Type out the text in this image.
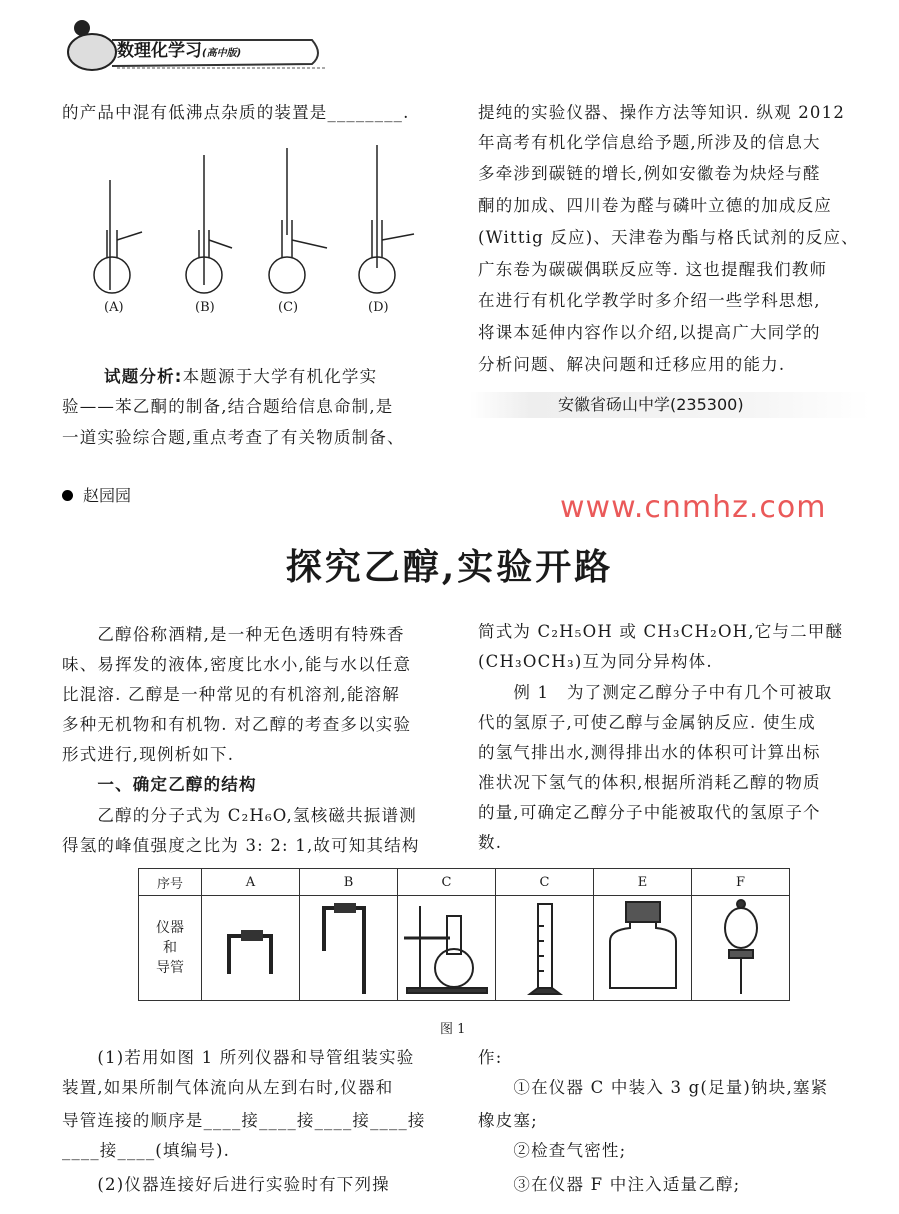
数理化学习(高中版)
的产品中混有低沸点杂质的装置是________.
(A)	(B)	(C)	(D)
试题分析:本题源于大学有机化学实
验——苯乙酮的制备,结合题给信息命制,是
一道实验综合题,重点考查了有关物质制备、
提纯的实验仪器、操作方法等知识. 纵观 2012
年高考有机化学信息给予题,所涉及的信息大
多牵涉到碳链的增长,例如安徽卷为炔烃与醛
酮的加成、四川卷为醛与磷叶立德的加成反应
(Wittig 反应)、天津卷为酯与格氏试剂的反应、
广东卷为碳碳偶联反应等. 这也提醒我们教师
在进行有机化学教学时多介绍一些学科思想,
将课本延伸内容作以介绍,以提高广大同学的
分析问题、解决问题和迁移应用的能力.
安徽省砀山中学(235300)
赵园园	www.cnmhz.com
探究乙醇,实验开路
　　乙醇俗称酒精,是一种无色透明有特殊香
味、易挥发的液体,密度比水小,能与水以任意
比混溶. 乙醇是一种常见的有机溶剂,能溶解
多种无机物和有机物. 对乙醇的考查多以实验
形式进行,现例析如下.
　　一、确定乙醇的结构
　　乙醇的分子式为 C₂H₆O,氢核磁共振谱测
得氢的峰值强度之比为 3: 2: 1,故可知其结构
简式为 C₂H₅OH 或 CH₃CH₂OH,它与二甲醚
(CH₃OCH₃)互为同分异构体.
　　例 1　为了测定乙醇分子中有几个可被取
代的氢原子,可使乙醇与金属钠反应. 使生成
的氢气排出水,测得排出水的体积可计算出标
准状况下氢气的体积,根据所消耗乙醇的物质
的量,可确定乙醇分子中能被取代的氢原子个
数.
序号	A	B	C	C	E	F

仪器
和
导管

图 1
　　(1)若用如图 1 所列仪器和导管组装实验
装置,如果所制气体流向从左到右时,仪器和
导管连接的顺序是____接____接____接____接
____接____(填编号).
　　(2)仪器连接好后进行实验时有下列操
作:
　　①在仪器 C 中装入 3 g(足量)钠块,塞紧
橡皮塞;
　　②检查气密性;
　　③在仪器 F 中注入适量乙醇;
